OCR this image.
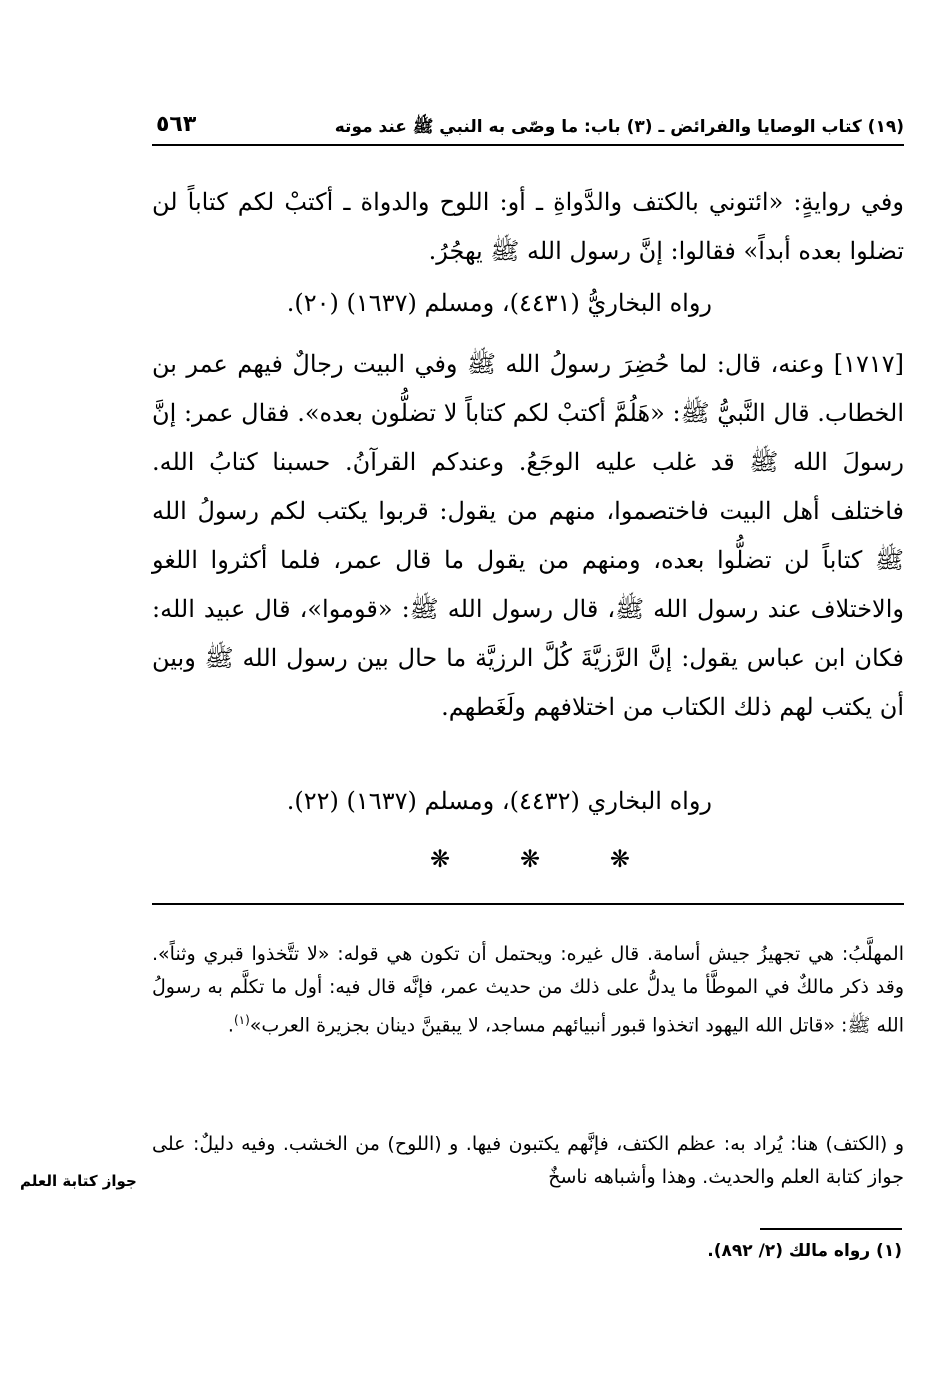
(١٩) كتاب الوصايا والفرائض ـ (٣) باب: ما وصّى به النبي ﷺ عند موته
٥٦٣
وفي روايةٍ: «ائتوني بالكتف والدَّواةِ ـ أو: اللوح والدواة ـ أكتبْ لكم كتاباً لن تضلوا بعده أبداً» فقالوا: إنَّ رسول الله ﷺ يهجُرُ.
رواه البخاريُّ (٤٤٣١)، ومسلم (١٦٣٧) (٢٠).
[١٧١٧] وعنه، قال: لما حُضِرَ رسولُ الله ﷺ وفي البيت رجالٌ فيهم عمر بن الخطاب. قال النَّبيُّ ﷺ: «هَلُمَّ أكتبْ لكم كتاباً لا تضلُّون بعده». فقال عمر: إنَّ رسولَ الله ﷺ قد غلب عليه الوجَعُ. وعندكم القرآنُ. حسبنا كتابُ الله. فاختلف أهل البيت فاختصموا، منهم من يقول: قربوا يكتب لكم رسولُ الله ﷺ كتاباً لن تضلُّوا بعده، ومنهم من يقول ما قال عمر، فلما أكثروا اللغو والاختلاف عند رسول الله ﷺ، قال رسول الله ﷺ: «قوموا»، قال عبيد الله: فكان ابن عباس يقول: إنَّ الرَّزيَّةَ كُلَّ الرزيَّة ما حال بين رسول الله ﷺ وبين أن يكتب لهم ذلك الكتاب من اختلافهم ولَغَطهم.
رواه البخاري (٤٤٣٢)، ومسلم (١٦٣٧) (٢٢).
❋	❋	❋
المهلَّبُ: هي تجهيزُ جيش أسامة. قال غيره: ويحتمل أن تكون هي قوله: «لا تتَّخذوا قبري وثناً». وقد ذكر مالكٌ في الموطَّأ ما يدلُّ على ذلك من حديث عمر، فإنَّه قال فيه: أول ما تكلَّم به رسولُ الله ﷺ: «قاتل الله اليهود اتخذوا قبور أنبيائهم مساجد، لا يبقينَّ دينان بجزيرة العرب»$^{(١)}$.
و (الكتف) هنا: يُراد به: عظم الكتف، فإنَّهم يكتبون فيها. و (اللوح) من الخشب. وفيه دليلٌ: على جواز كتابة العلم والحديث. وهذا وأشباهه ناسخٌ
جواز كتابة العلم
(١) رواه مالك (٢/ ٨٩٢).
